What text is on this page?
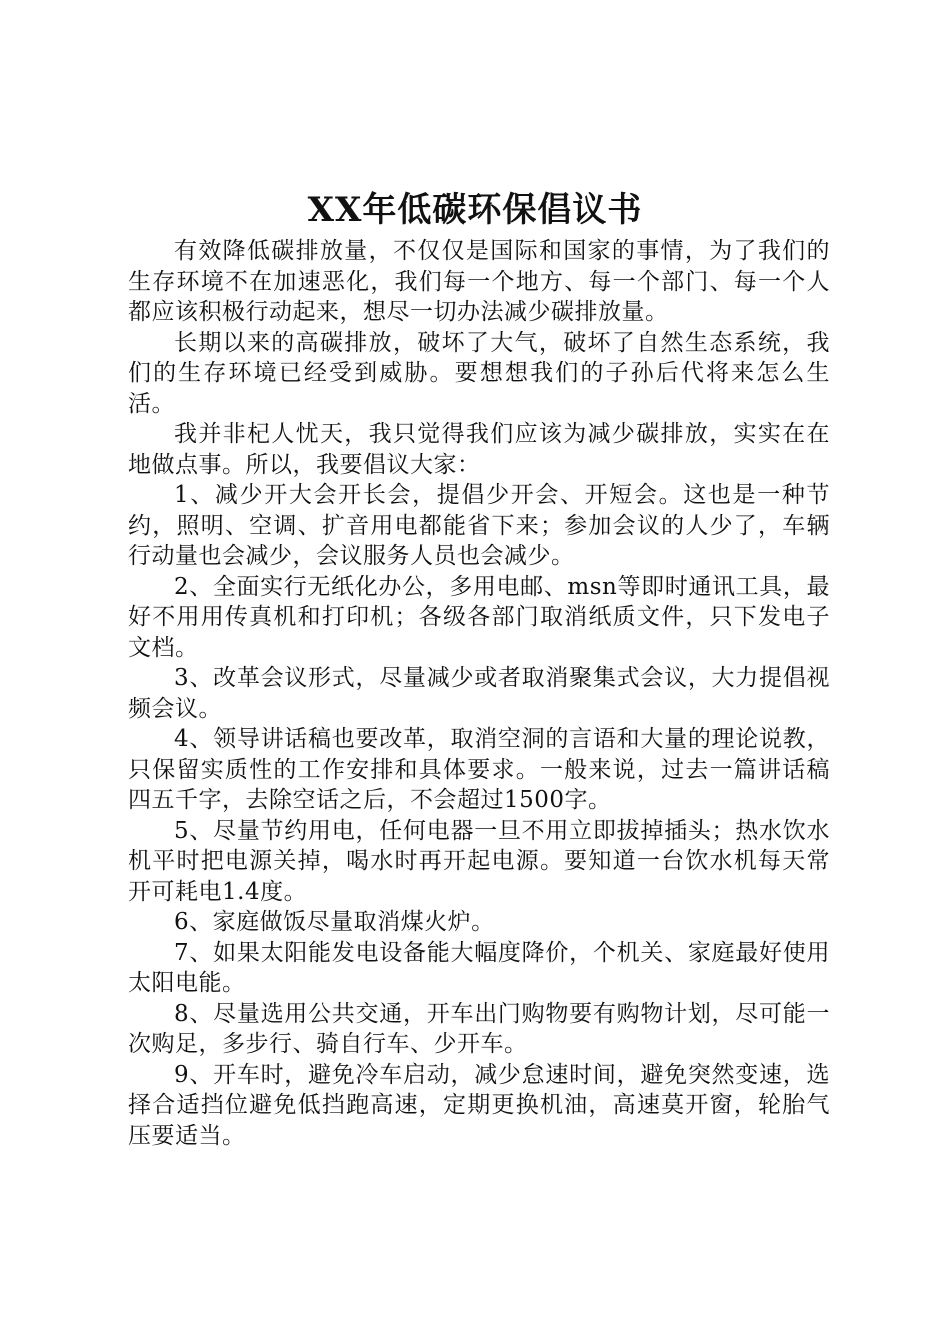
XX年低碳环保倡议书

有效降低碳排放量，不仅仅是国际和国家的事情，为了我们的生存环境不在加速恶化，我们每一个地方、每一个部门、每一个人都应该积极行动起来，想尽一切办法减少碳排放量。

长期以来的高碳排放，破坏了大气，破坏了自然生态系统，我们的生存环境已经受到威胁。要想想我们的子孙后代将来怎么生活。

我并非杞人忧天，我只觉得我们应该为减少碳排放，实实在在地做点事。所以，我要倡议大家：

1、减少开大会开长会，提倡少开会、开短会。这也是一种节约，照明、空调、扩音用电都能省下来；参加会议的人少了，车辆行动量也会减少，会议服务人员也会减少。

2、全面实行无纸化办公，多用电邮、msn等即时通讯工具，最好不用用传真机和打印机；各级各部门取消纸质文件，只下发电子文档。

3、改革会议形式，尽量减少或者取消聚集式会议，大力提倡视频会议。

4、领导讲话稿也要改革，取消空洞的言语和大量的理论说教，只保留实质性的工作安排和具体要求。一般来说，过去一篇讲话稿四五千字，去除空话之后，不会超过1500字。

5、尽量节约用电，任何电器一旦不用立即拔掉插头；热水饮水机平时把电源关掉，喝水时再开起电源。要知道一台饮水机每天常开可耗电1.4度。

6、家庭做饭尽量取消煤火炉。

7、如果太阳能发电设备能大幅度降价，个机关、家庭最好使用太阳电能。

8、尽量选用公共交通，开车出门购物要有购物计划，尽可能一次购足，多步行、骑自行车、少开车。

9、开车时，避免冷车启动，减少怠速时间，避免突然变速，选择合适挡位避免低挡跑高速，定期更换机油，高速莫开窗，轮胎气压要适当。
